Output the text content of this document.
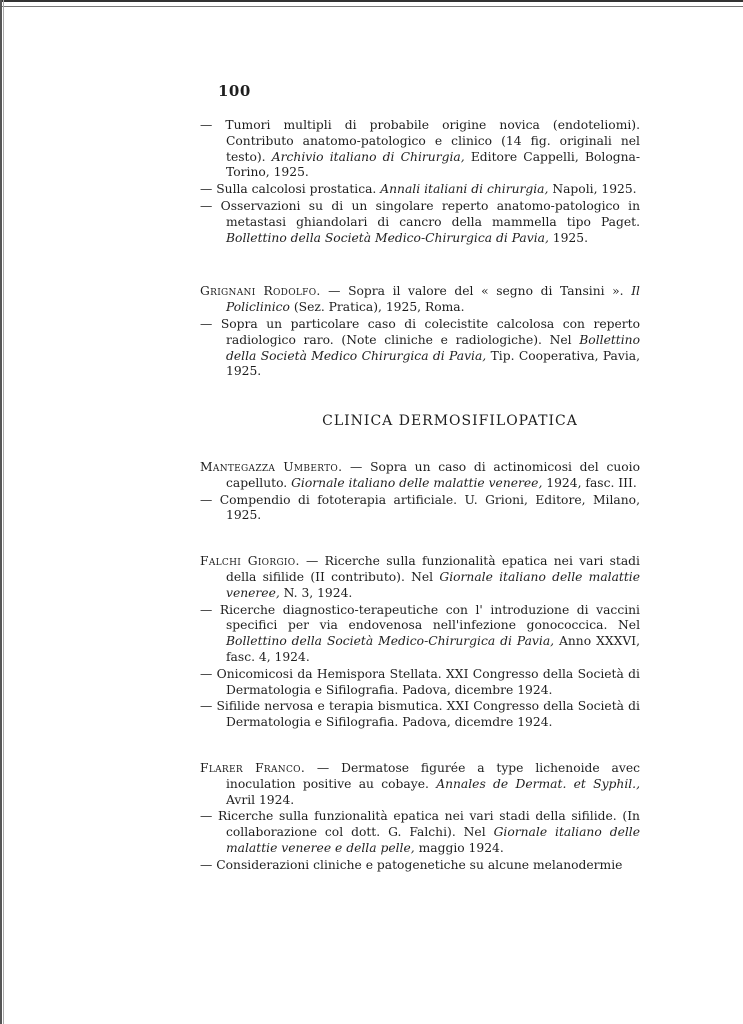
100

— Tumori multipli di probabile origine novica (endoteliomi). Contributo anatomo-patologico e clinico (14 fig. originali nel testo). Archivio italiano di Chirurgia, Editore Cappelli, Bologna-Torino, 1925.

— Sulla calcolosi prostatica. Annali italiani di chirurgia, Napoli, 1925.

— Osservazioni su di un singolare reperto anatomo-patologico in metastasi ghiandolari di cancro della mammella tipo Paget. Bollettino della Società Medico-Chirurgica di Pavia, 1925.

Grignani Rodolfo. — Sopra il valore del « segno di Tansini ». Il Policlinico (Sez. Pratica), 1925, Roma.

— Sopra un particolare caso di colecistite calcolosa con reperto radiologico raro. (Note cliniche e radiologiche). Nel Bollettino della Società Medico Chirurgica di Pavia, Tip. Cooperativa, Pavia, 1925.

CLINICA DERMOSIFILOPATICA

Mantegazza Umberto. — Sopra un caso di actinomicosi del cuoio capelluto. Giornale italiano delle malattie veneree, 1924, fasc. III.

— Compendio di fototerapia artificiale. U. Grioni, Editore, Milano, 1925.

Falchi Giorgio. — Ricerche sulla funzionalità epatica nei vari stadi della sifilide (II contributo). Nel Giornale italiano delle malattie veneree, N. 3, 1924.

— Ricerche diagnostico-terapeutiche con l' introduzione di vaccini specifici per via endovenosa nell'infezione gonococcica. Nel Bollettino della Società Medico-Chirurgica di Pavia, Anno XXXVI, fasc. 4, 1924.

— Onicomicosi da Hemispora Stellata. XXI Congresso della Società di Dermatologia e Sifilografia. Padova, dicembre 1924.

— Sifilide nervosa e terapia bismutica. XXI Congresso della Società di Dermatologia e Sifilografia. Padova, dicemdre 1924.

Flarer Franco. — Dermatose figurée a type lichenoide avec inoculation positive au cobaye. Annales de Dermat. et Syphil., Avril 1924.

— Ricerche sulla funzionalità epatica nei vari stadi della sifilide. (In collaborazione col dott. G. Falchi). Nel Giornale italiano delle malattie veneree e della pelle, maggio 1924.

— Considerazioni cliniche e patogenetiche su alcune melanodermie
